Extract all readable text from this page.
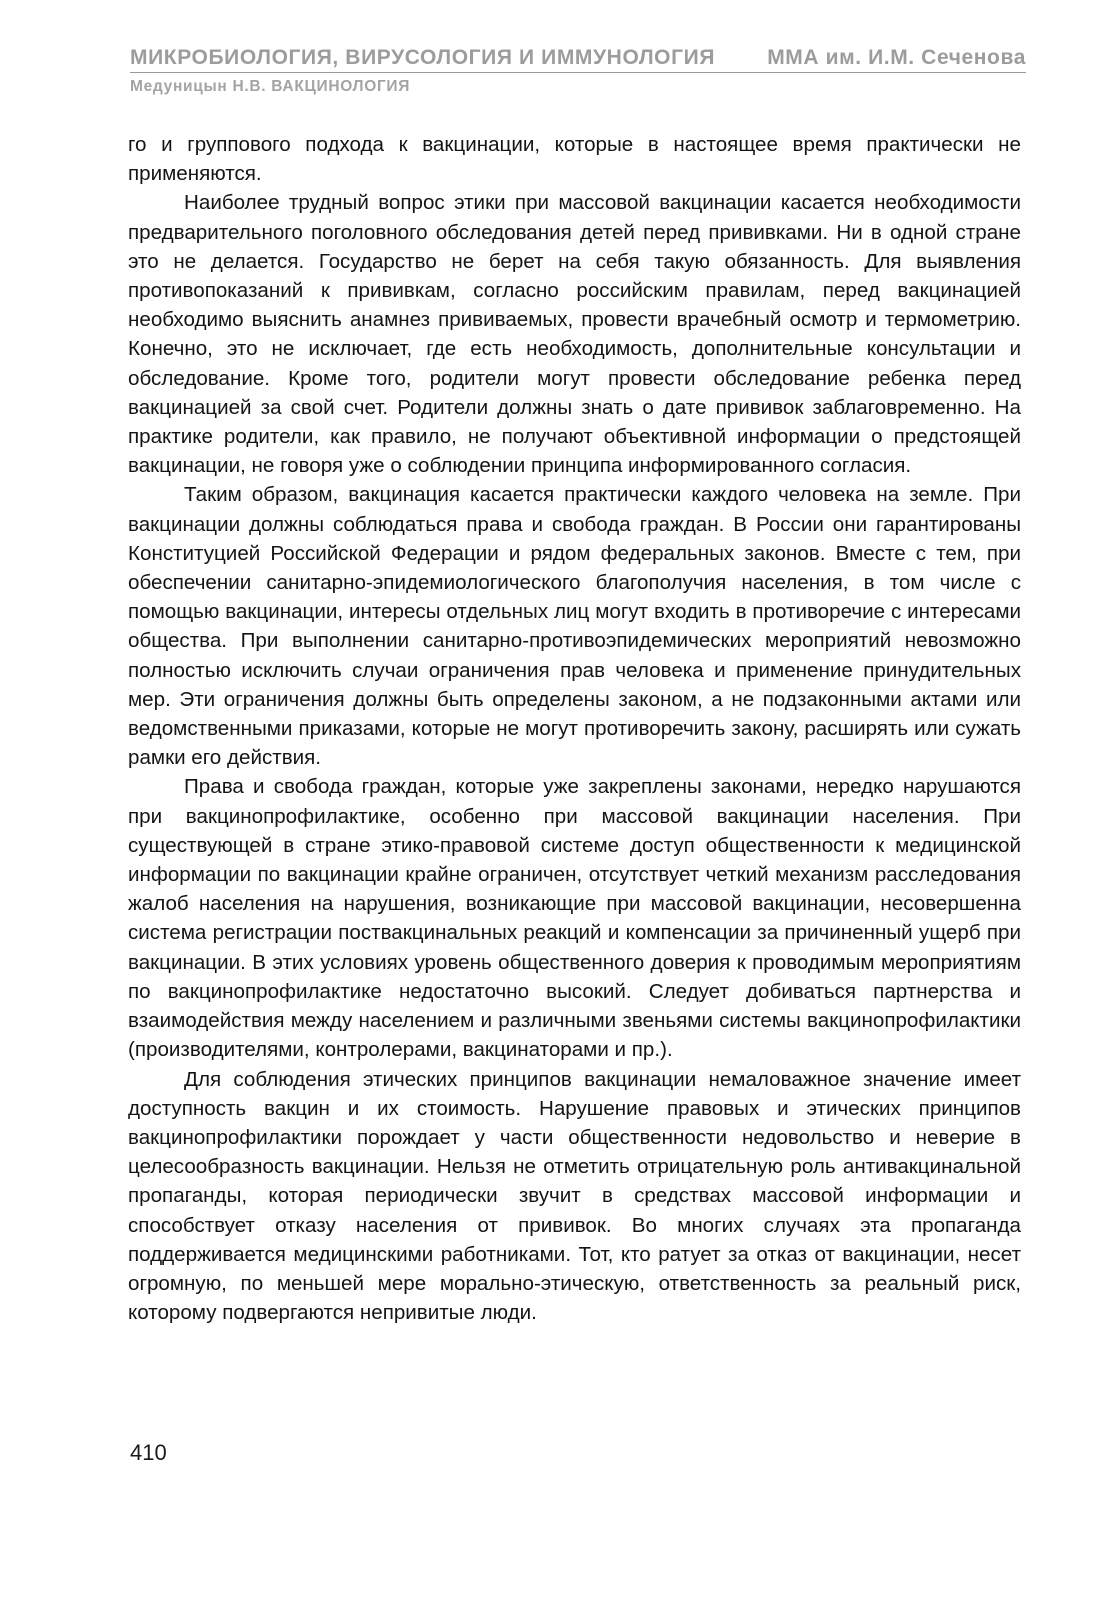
МИКРОБИОЛОГИЯ, ВИРУСОЛОГИЯ И ИММУНОЛОГИЯ ММА им. И.М. Сеченова
Медуницын Н.В. ВАКЦИНОЛОГИЯ

го и группового подхода к вакцинации, которые в настоящее время практически не применяются.

Наиболее трудный вопрос этики при массовой вакцинации касается необходимости предварительного поголовного обследования детей перед прививками. Ни в одной стране это не делается. Государство не берет на себя такую обязанность. Для выявления противопоказаний к прививкам, согласно российским правилам, перед вакцинацией необходимо выяснить анамнез прививаемых, провести врачебный осмотр и термометрию. Конечно, это не исключает, где есть необходимость, дополнительные консультации и обследование. Кроме того, родители могут провести обследование ребенка перед вакцинацией за свой счет. Родители должны знать о дате прививок заблаговременно. На практике родители, как правило, не получают объективной информации о предстоящей вакцинации, не говоря уже о соблюдении принципа информированного согласия.

Таким образом, вакцинация касается практически каждого человека на земле. При вакцинации должны соблюдаться права и свобода граждан. В России они гарантированы Конституцией Российской Федерации и рядом федеральных законов. Вместе с тем, при обеспечении санитарно-эпидемиологического благополучия населения, в том числе с помощью вакцинации, интересы отдельных лиц могут входить в противоречие с интересами общества. При выполнении санитарно-противоэпидемических мероприятий невозможно полностью исключить случаи ограничения прав человека и применение принудительных мер. Эти ограничения должны быть определены законом, а не подзаконными актами или ведомственными приказами, которые не могут противоречить закону, расширять или сужать рамки его действия.

Права и свобода граждан, которые уже закреплены законами, нередко нарушаются при вакцинопрофилактике, особенно при массовой вакцинации населения. При существующей в стране этико-правовой системе доступ общественности к медицинской информации по вакцинации крайне ограничен, отсутствует четкий механизм расследования жалоб населения на нарушения, возникающие при массовой вакцинации, несовершенна система регистрации поствакцинальных реакций и компенсации за причиненный ущерб при вакцинации. В этих условиях уровень общественного доверия к проводимым мероприятиям по вакцинопрофилактике недостаточно высокий. Следует добиваться партнерства и взаимодействия между населением и различными звеньями системы вакцинопрофилактики (производителями, контролерами, вакцинаторами и пр.).

Для соблюдения этических принципов вакцинации немаловажное значение имеет доступность вакцин и их стоимость. Нарушение правовых и этических принципов вакцинопрофилактики порождает у части общественности недовольство и неверие в целесообразность вакцинации. Нельзя не отметить отрицательную роль антивакцинальной пропаганды, которая периодически звучит в средствах массовой информации и способствует отказу населения от прививок. Во многих случаях эта пропаганда поддерживается медицинскими работниками. Тот, кто ратует за отказ от вакцинации, несет огромную, по меньшей мере морально-этическую, ответственность за реальный риск, которому подвергаются непривитые люди.

410
